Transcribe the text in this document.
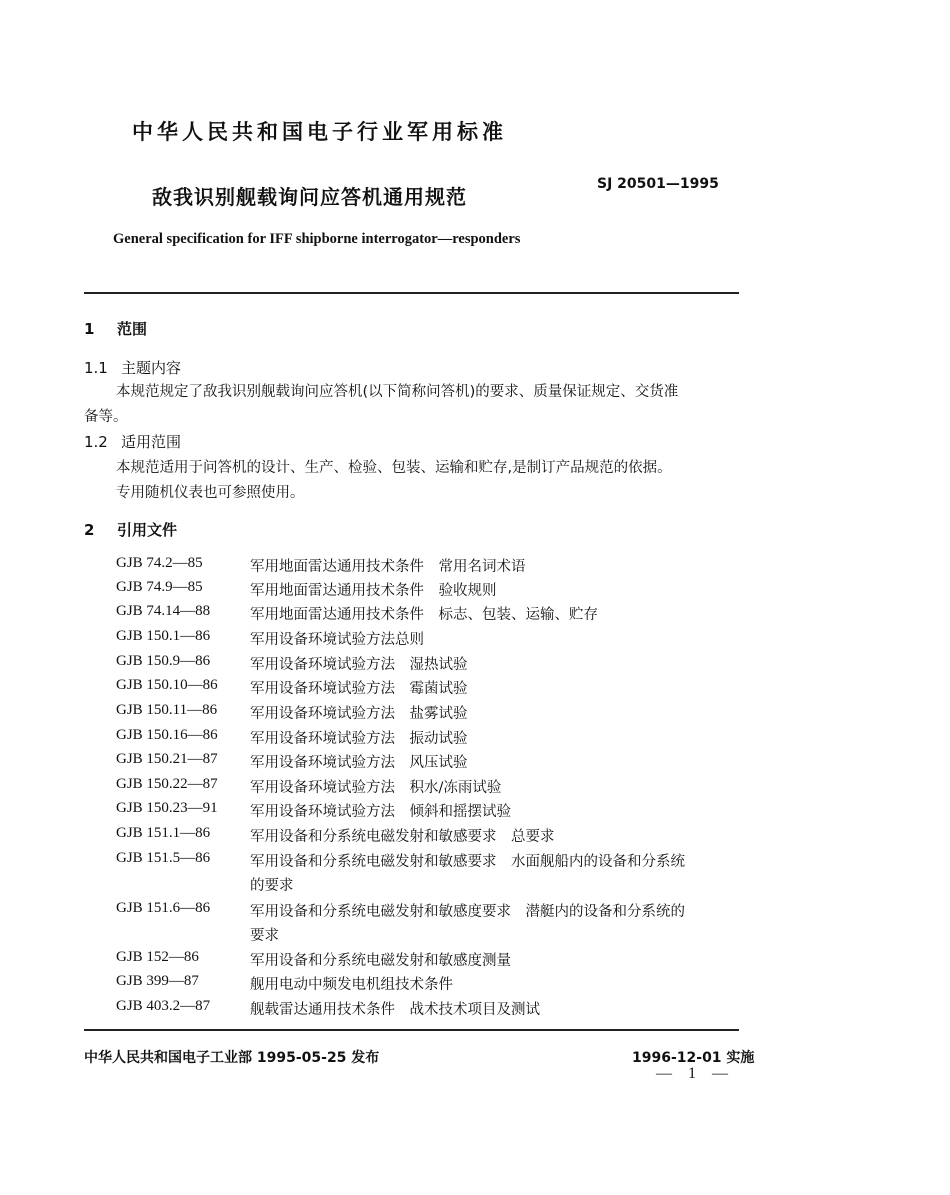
中华人民共和国电子行业军用标准
敌我识别舰载询问应答机通用规范
SJ 20501—1995
General specification for IFF shipborne interrogator—responders
1 范围
1.1 主题内容
本规范规定了敌我识别舰载询问应答机(以下简称问答机)的要求、质量保证规定、交货准
备等。
1.2 适用范围
本规范适用于问答机的设计、生产、检验、包装、运输和贮存,是制订产品规范的依据。
专用随机仪表也可参照使用。
2 引用文件
GJB 74.2—85	军用地面雷达通用技术条件　常用名词术语
GJB 74.9—85	军用地面雷达通用技术条件　验收规则
GJB 74.14—88	军用地面雷达通用技术条件　标志、包装、运输、贮存
GJB 150.1—86	军用设备环境试验方法总则
GJB 150.9—86	军用设备环境试验方法　湿热试验
GJB 150.10—86 军用设备环境试验方法　霉菌试验
GJB 150.11—86 军用设备环境试验方法　盐雾试验
GJB 150.16—86 军用设备环境试验方法　振动试验
GJB 150.21—87 军用设备环境试验方法　风压试验
GJB 150.22—87 军用设备环境试验方法　积水/冻雨试验
GJB 150.23—91 军用设备环境试验方法　倾斜和摇摆试验
GJB 151.1—86	军用设备和分系统电磁发射和敏感要求　总要求
GJB 151.5—86	军用设备和分系统电磁发射和敏感要求　水面舰船内的设备和分系统
的要求
GJB 151.6—86	军用设备和分系统电磁发射和敏感度要求　潜艇内的设备和分系统的
要求
GJB 152—86	军用设备和分系统电磁发射和敏感度测量
GJB 399—87	舰用电动中频发电机组技术条件
GJB 403.2—87	舰载雷达通用技术条件　战术技术项目及测试
中华人民共和国电子工业部 1995-05-25 发布	1996-12-01 实施
— 1 —
